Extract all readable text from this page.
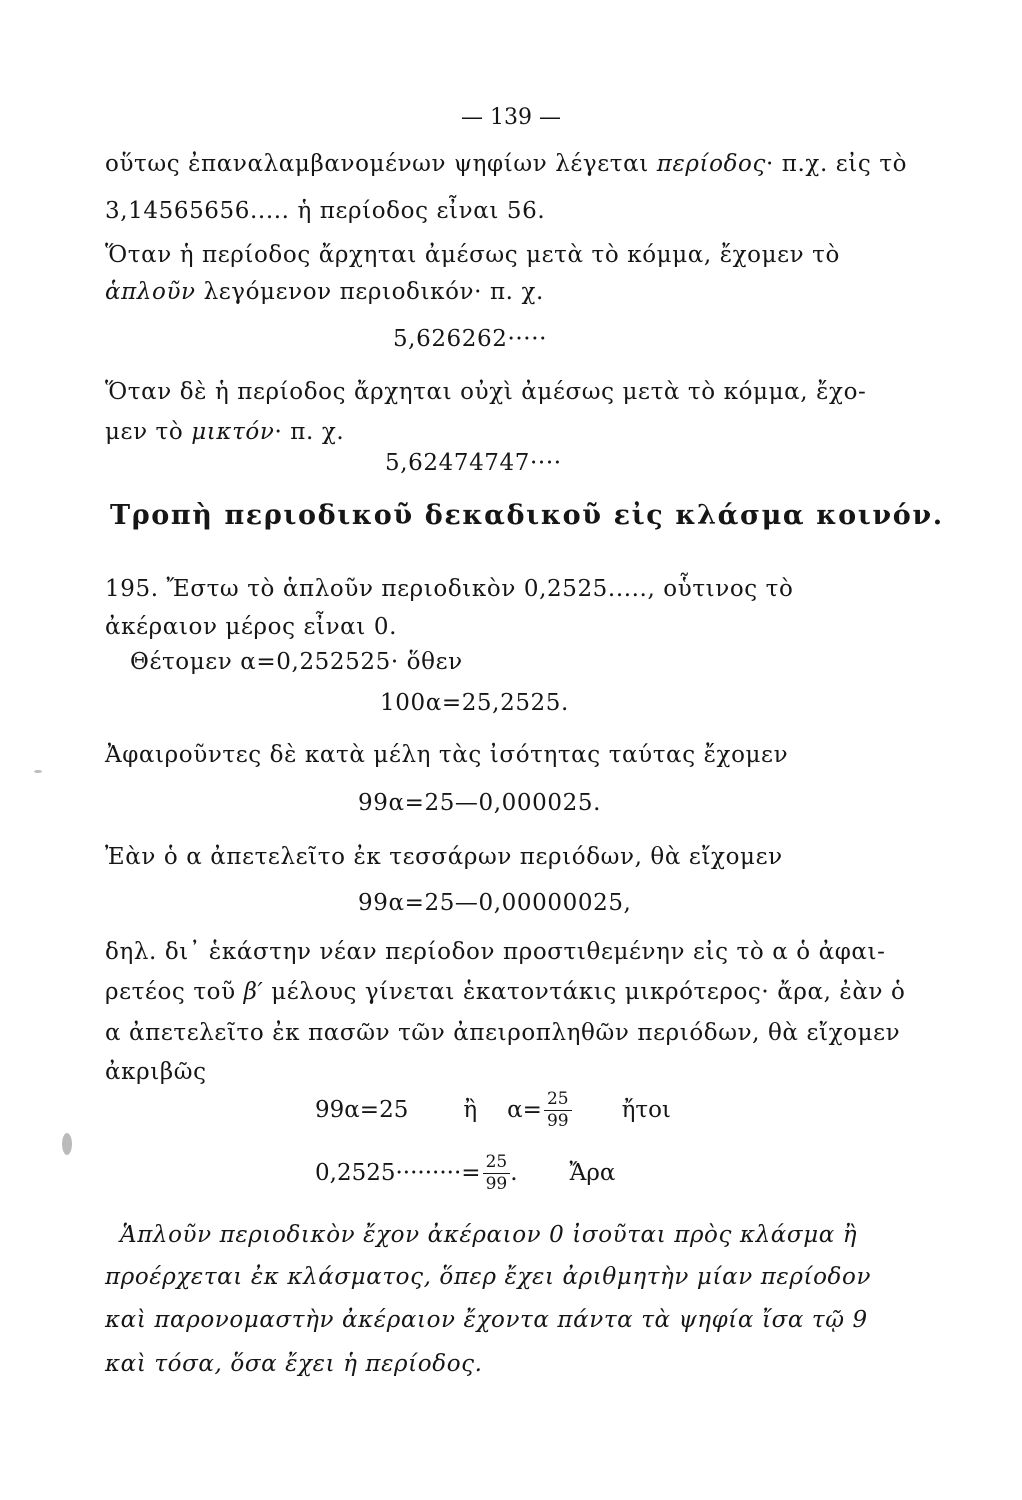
— 139 —
οὕτως ἐπαναλαμβανομένων ψηφίων λέγεται περίοδος· π.χ. εἰς τὸ
3,14565656..... ἡ περίοδος εἶναι 56.
Ὅταν ἡ περίοδος ἄρχηται ἀμέσως μετὰ τὸ κόμμα, ἔχομεν τὸ
ἁπλοῦν λεγόμενον περιοδικόν· π. χ.
5,626262·····
Ὅταν δὲ ἡ περίοδος ἄρχηται οὐχὶ ἀμέσως μετὰ τὸ κόμμα, ἔχο-
μεν τὸ μικτόν· π. χ.
5,62474747····
Τροπὴ περιοδικοῦ δεκαδικοῦ εἰς κλάσμα κοινόν.
195. Ἔστω τὸ ἁπλοῦν περιοδικὸν 0,2525....., οὗτινος τὸ
ἀκέραιον μέρος εἶναι 0.
Θέτομεν α=0,252525· ὅθεν
100α=25,2525.
Ἀφαιροῦντες δὲ κατὰ μέλη τὰς ἰσότητας ταύτας ἔχομεν
99α=25—0,000025.
Ἐὰν ὁ α ἀπετελεῖτο ἐκ τεσσάρων περιόδων, θὰ εἴχομεν
99α=25—0,00000025,
δηλ. δι᾽ ἑκάστην νέαν περίοδον προστιθεμένην εἰς τὸ α ὁ ἀφαι-
ρετέος τοῦ β′ μέλους γίνεται ἑκατοντάκις μικρότερος· ἄρα, ἐὰν ὁ
α ἀπετελεῖτο ἐκ πασῶν τῶν ἀπειροπληθῶν περιόδων, θὰ εἴχομεν
ἀκριβῶς
99α=25 ἢ $\alpha= \frac{25}{99}$ ἤτοι
$0,2525\cdot\cdot\cdot\cdot\cdot\cdot\cdot\cdot\cdot= \frac{25}{99}$ . Ἄρα
Ἁπλοῦν περιοδικὸν ἔχον ἀκέραιον 0 ἰσοῦται πρὸς κλάσμα ἢ
προέρχεται ἐκ κλάσματος, ὅπερ ἔχει ἀριθμητὴν μίαν περίοδον
καὶ παρονομαστὴν ἀκέραιον ἔχοντα πάντα τὰ ψηφία ἴσα τῷ 9
καὶ τόσα, ὅσα ἔχει ἡ περίοδος.
